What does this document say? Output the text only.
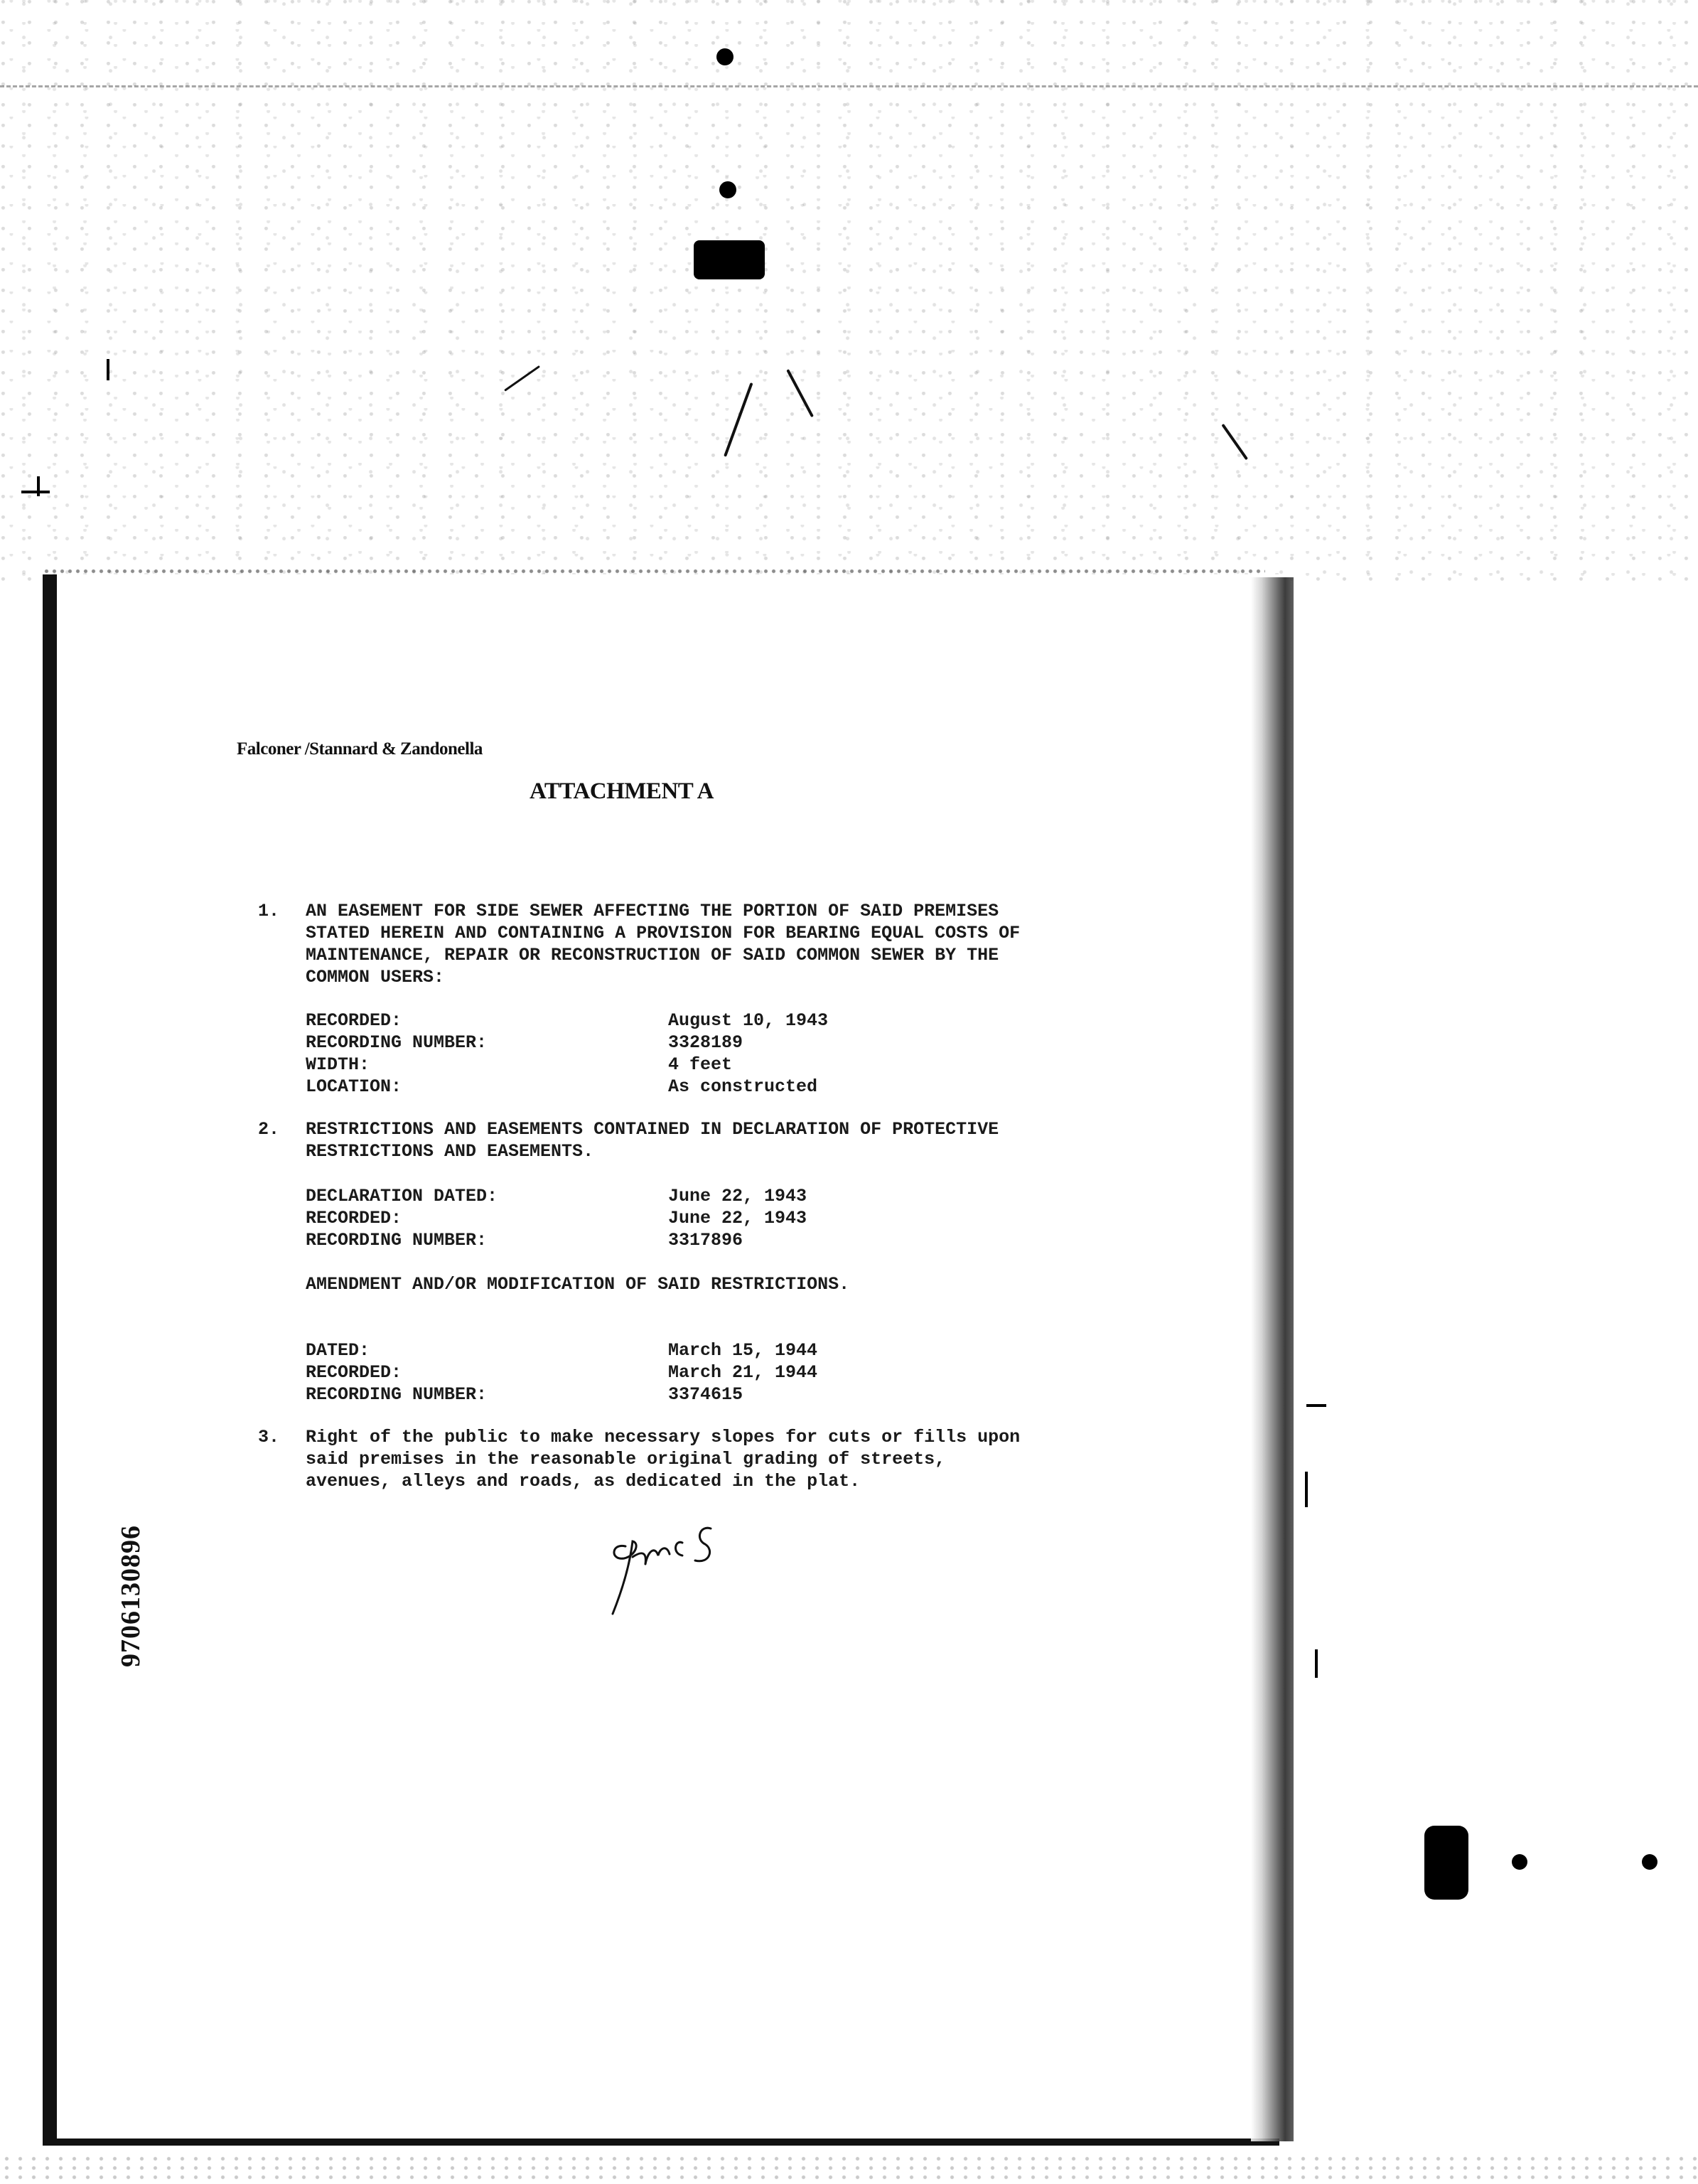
Falconer /Stannard & Zandonella
ATTACHMENT A
1. AN EASEMENT FOR SIDE SEWER AFFECTING THE PORTION OF SAID PREMISES
STATED HEREIN AND CONTAINING A PROVISION FOR BEARING EQUAL COSTS OF
MAINTENANCE, REPAIR OR RECONSTRUCTION OF SAID COMMON SEWER BY THE
COMMON USERS:
RECORDED:	August 10, 1943
RECORDING NUMBER:	3328189
WIDTH:	4 feet
LOCATION:	As constructed
2. RESTRICTIONS AND EASEMENTS CONTAINED IN DECLARATION OF PROTECTIVE
RESTRICTIONS AND EASEMENTS.
DECLARATION DATED:	June 22, 1943
RECORDED:	June 22, 1943
RECORDING NUMBER:	3317896
AMENDMENT AND/OR MODIFICATION OF SAID RESTRICTIONS.
DATED:	March 15, 1944
RECORDED:	March 21, 1944
RECORDING NUMBER:	3374615
3. Right of the public to make necessary slopes for cuts or fills upon
said premises in the reasonable original grading of streets,
avenues, alleys and roads, as dedicated in the plat.
9706130896
